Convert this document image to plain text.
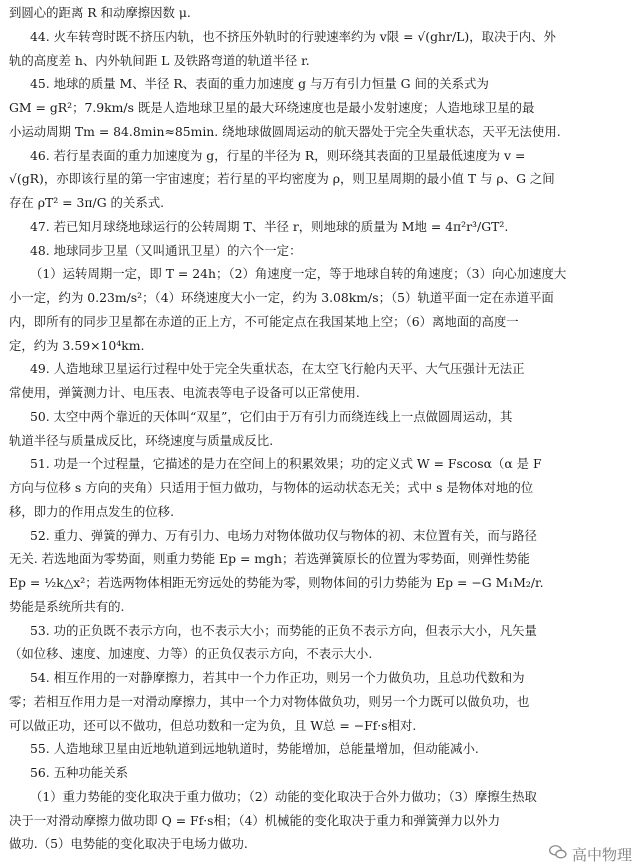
到圆心的距离 R 和动摩擦因数 μ.
44. 火车转弯时既不挤压内轨，也不挤压外轨时的行驶速率约为 v限 = √(ghr/L)，取决于内、外
轨的高度差 h、内外轨间距 L 及铁路弯道的轨道半径 r.
45. 地球的质量 M、半径 R、表面的重力加速度 g 与万有引力恒量 G 间的关系式为
GM = gR²；7.9km/s 既是人造地球卫星的最大环绕速度也是最小发射速度；人造地球卫星的最
小运动周期 Tm = 84.8min≈85min. 绕地球做圆周运动的航天器处于完全失重状态，天平无法使用.
46. 若行星表面的重力加速度为 g，行星的半径为 R，则环绕其表面的卫星最低速度为 v =
√(gR)，亦即该行星的第一宇宙速度；若行星的平均密度为 ρ，则卫星周期的最小值 T 与 ρ、G 之间
存在 ρT² = 3π/G 的关系式.
47. 若已知月球绕地球运行的公转周期 T、半径 r，则地球的质量为 M地 = 4π²r³/GT².
48. 地球同步卫星（又叫通讯卫星）的六个一定：
（1）运转周期一定，即 T = 24h；（2）角速度一定，等于地球自转的角速度；（3）向心加速度大
小一定，约为 0.23m/s²；（4）环绕速度大小一定，约为 3.08km/s；（5）轨道平面一定在赤道平面
内，即所有的同步卫星都在赤道的正上方，不可能定点在我国某地上空；（6）离地面的高度一
定，约为 3.59×10⁴km.
49. 人造地球卫星运行过程中处于完全失重状态，在太空飞行舱内天平、大气压强计无法正
常使用，弹簧测力计、电压表、电流表等电子设备可以正常使用.
50. 太空中两个靠近的天体叫“双星”，它们由于万有引力而绕连线上一点做圆周运动，其
轨道半径与质量成反比，环绕速度与质量成反比.
51. 功是一个过程量，它描述的是力在空间上的积累效果；功的定义式 W = Fscosα（α 是 F
方向与位移 s 方向的夹角）只适用于恒力做功，与物体的运动状态无关；式中 s 是物体对地的位
移，即力的作用点发生的位移.
52. 重力、弹簧的弹力、万有引力、电场力对物体做功仅与物体的初、末位置有关，而与路径
无关. 若选地面为零势面，则重力势能 Ep = mgh；若选弹簧原长的位置为零势面，则弹性势能
Ep = ½k△x²；若选两物体相距无穷远处的势能为零，则物体间的引力势能为 Ep = −G M₁M₂/r.
势能是系统所共有的.
53. 功的正负既不表示方向，也不表示大小；而势能的正负不表示方向，但表示大小，凡矢量
（如位移、速度、加速度、力等）的正负仅表示方向，不表示大小.
54. 相互作用的一对静摩擦力，若其中一个力作正功，则另一个力做负功，且总功代数和为
零；若相互作用力是一对滑动摩擦力，其中一个力对物体做负功，则另一个力既可以做负功，也
可以做正功，还可以不做功，但总功数和一定为负，且 W总 = −Ff·s相对.
55. 人造地球卫星由近地轨道到远地轨道时，势能增加，总能量增加，但动能减小.
56. 五种功能关系
（1）重力势能的变化取决于重力做功；（2）动能的变化取决于合外力做功；（3）摩擦生热取
决于一对滑动摩擦力做功即 Q = Ff·s相；（4）机械能的变化取决于重力和弹簧弹力以外力
做功.（5）电势能的变化取决于电场力做功.
高中物理
